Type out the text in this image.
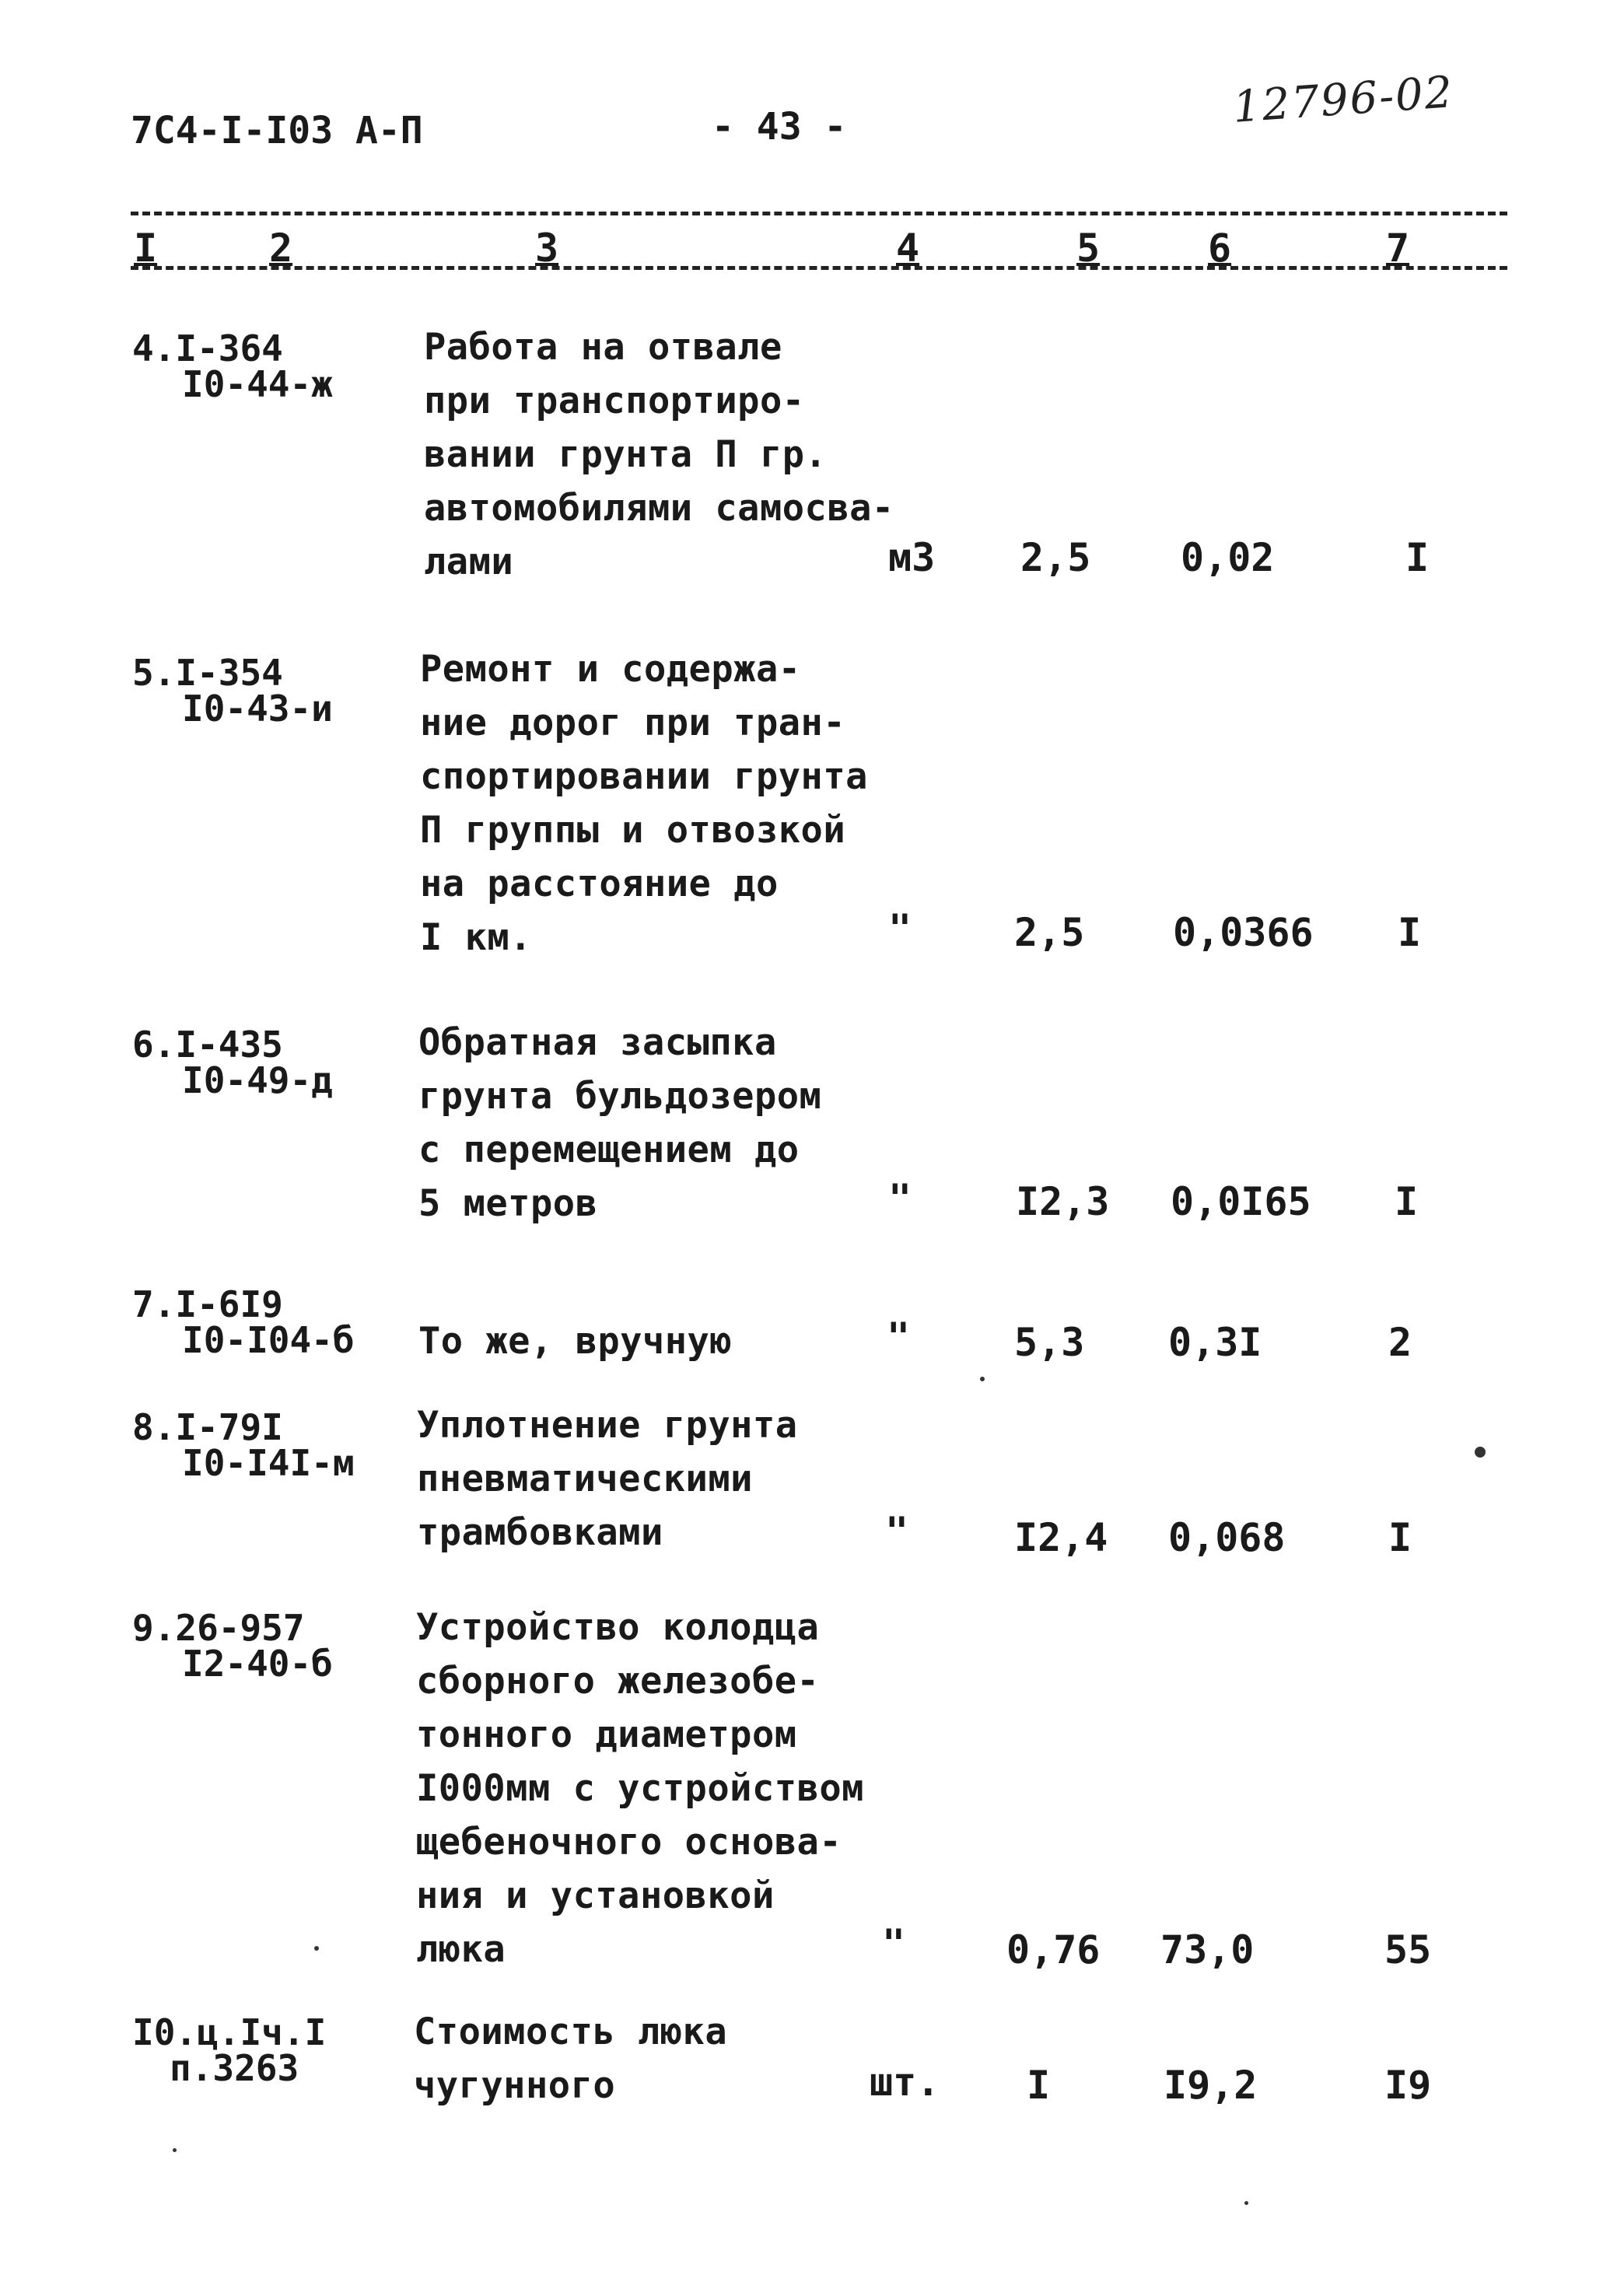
7С4-I-I03 А-П	- 43 -	12796-02
I	2	3	4	5	6	7
4.I-364
I0-44-ж
Работа на отвале
при транспортиро-
вании грунта П гр.
автомобилями самосва-
лами	м3 2,5 0,02	I
5.I-354
I0-43-и
Ремонт и содержа-
ние дорог при тран-
спортировании грунта
П группы и отвозкой
на расстояние до
I км.	"	2,5 0,0366 I
6.I-435
I0-49-д
Обратная засыпка
грунта бульдозером
с перемещением до
5 метров	"	I2,3 0,0I65 I
7.I-6I9
I0-I04-б То же, вручную	"	5,3 0,3I	2
8.I-79I
I0-I4I-м
Уплотнение грунта
пневматическими
трамбовками	"	I2,4 0,068	I
9.26-957
I2-40-б
Устройство колодца
сборного железобе-
тонного диаметром
I000мм с устройством
щебеночного основа-
ния и установкой
люка	"	0,76 73,0	55
I0.ц.Iч.I
п.3263
Стоимость люка
чугунного	шт. I	I9,2	I9
